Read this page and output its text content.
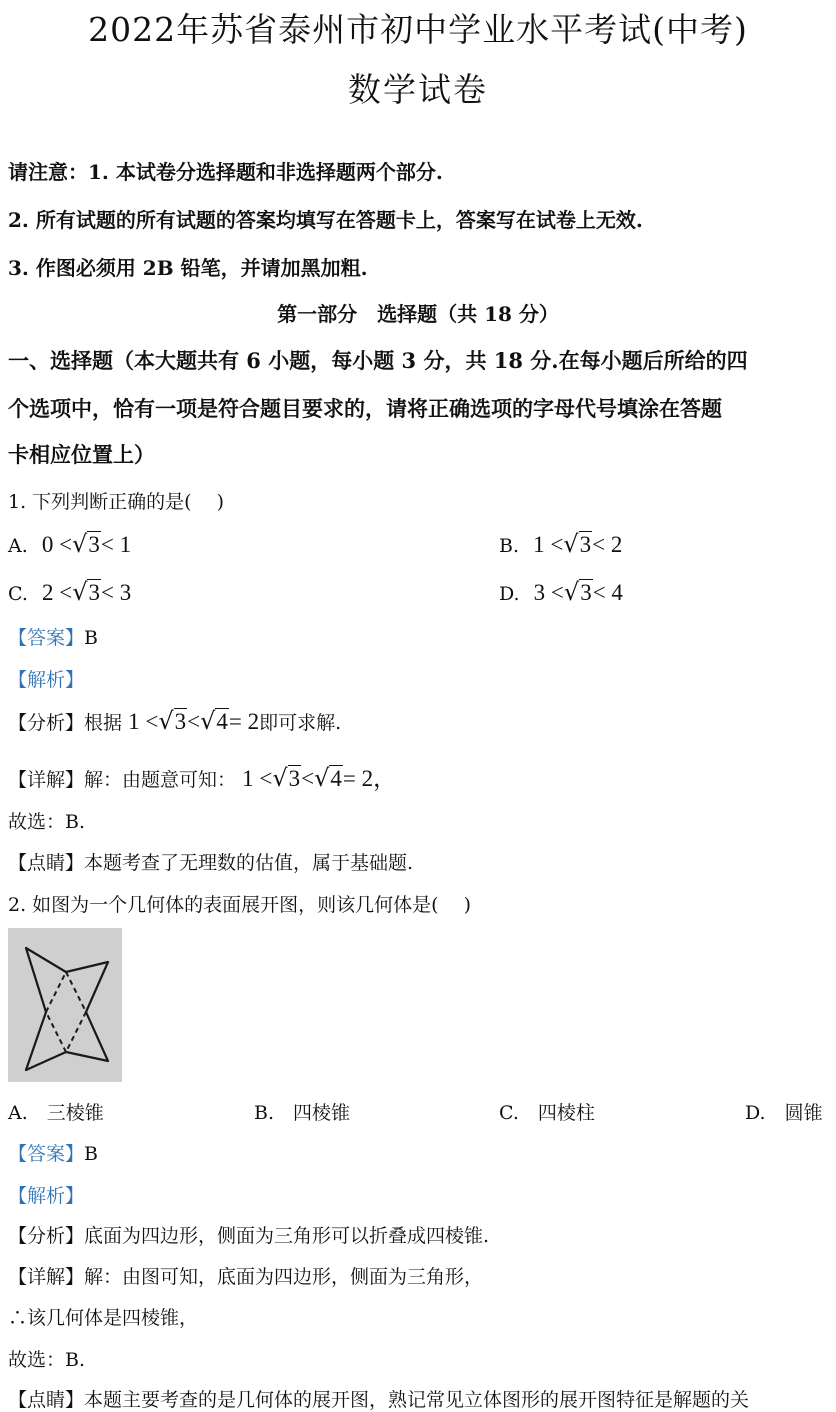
2022年苏省泰州市初中学业水平考试(中考)
数学试卷
请注意：1. 本试卷分选择题和非选择题两个部分.
2. 所有试题的所有试题的答案均填写在答题卡上，答案写在试卷上无效.
3. 作图必须用 2B 铅笔，并请加黑加粗.
第一部分　选择题（共 18 分）
一、选择题（本大题共有 6 小题，每小题 3 分，共 18 分.在每小题后所给的四
个选项中，恰有一项是符合题目要求的，请将正确选项的字母代号填涂在答题
卡相应位置上）
1. 下列判断正确的是(　 )
A. 0 <√3< 1	B. 1 <√3< 2
C. 2 <√3< 3	D. 3 <√3< 4
【答案】B
【解析】
【分析】根据 1 <√3<√4= 2即可求解.
【详解】解：由题意可知： 1 <√3<√4= 2，
故选：B.
【点睛】本题考查了无理数的估值，属于基础题.
2. 如图为一个几何体的表面展开图，则该几何体是(　 )
A.　三棱锥	B.　四棱锥	C.　四棱柱	D.　圆锥
【答案】B
【解析】
【分析】底面为四边形，侧面为三角形可以折叠成四棱锥.
【详解】解：由图可知，底面为四边形，侧面为三角形，
∴该几何体是四棱锥，
故选：B.
【点睛】本题主要考查的是几何体的展开图，熟记常见立体图形的展开图特征是解题的关
